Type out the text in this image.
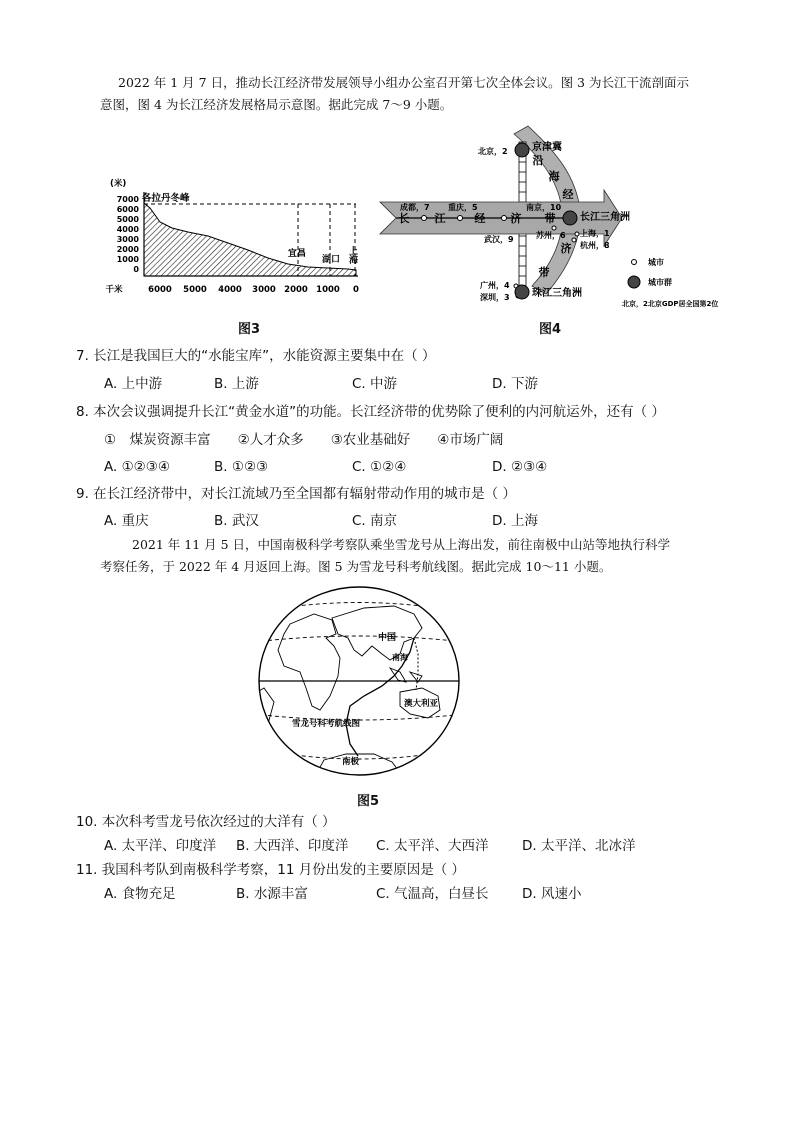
2022 年 1 月 7 日，推动长江经济带发展领导小组办公室召开第七次全体会议。图 3 为长江干流剖面示
意图，图 4 为长江经济发展格局示意图。据此完成 7～9 小题。
(米)
各拉丹冬峰
7000
6000
5000
4000
3000
2000
1000
0
宜昌
湖口 上海
千米	6000 5000 4000 3000 2000 1000 0
图3
长 江	经 济 带
沿
海
经
济
带
北京，2 京津冀
成都，7 重庆，5
武汉，9
南京，10
苏州，6
长江三角洲
上海，1
杭州，8
广州，4
深圳，3 珠江三角洲
城市
城市群
北京，2北京GDP居全国第2位
图4
7. 长江是我国巨大的“水能宝库”，水能资源主要集中在（ ）
A. 上中游	B. 上游	C. 中游	D. 下游
8. 本次会议强调提升长江“黄金水道”的功能。长江经济带的优势除了便利的内河航运外，还有（ ）
①　煤炭资源丰富　　②人才众多　　③农业基础好　　④市场广阔
A. ①②③④	B. ①②③	C. ①②④	D. ②③④
9. 在长江经济带中，对长江流域乃至全国都有辐射带动作用的城市是（ ）
A. 重庆	B. 武汉	C. 南京	D. 上海
2021 年 11 月 5 日，中国南极科学考察队乘坐雪龙号从上海出发，前往南极中山站等地执行科学
考察任务，于 2022 年 4 月返回上海。图 5 为雪龙号科考航线图。据此完成 10～11 小题。
中国
南海
澳大利亚
雪龙号科考航线图
南极
图5
10. 本次科考雪龙号依次经过的大洋有（ ）
A. 太平洋、印度洋 B. 大西洋、印度洋 C. 太平洋、大西洋 D. 太平洋、北冰洋
11. 我国科考队到南极科学考察，11 月份出发的主要原因是（ ）
A. 食物充足	B. 水源丰富	C. 气温高，白昼长 D. 风速小
